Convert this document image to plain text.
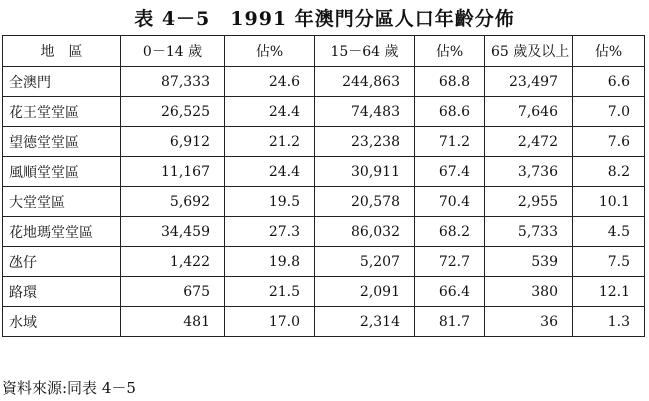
表 4－5　1991 年澳門分區人口年齡分佈
地　區	0－14 歲	佔%	15－64 歲	佔%	65 歲及以上	佔%
全澳門	87,333	24.6	244,863	68.8	23,497	6.6
花王堂堂區	26,525	24.4	74,483	68.6	7,646	7.0
望德堂堂區	6,912	21.2	23,238	71.2	2,472	7.6
風順堂堂區	11,167	24.4	30,911	67.4	3,736	8.2
大堂堂區	5,692	19.5	20,578	70.4	2,955	10.1
花地瑪堂堂區	34,459	27.3	86,032	68.2	5,733	4.5
氹仔	1,422	19.8	5,207	72.7	539	7.5
路環	675	21.5	2,091	66.4	380	12.1
水域	481	17.0	2,314	81.7	36	1.3
資料來源:同表 4－5
